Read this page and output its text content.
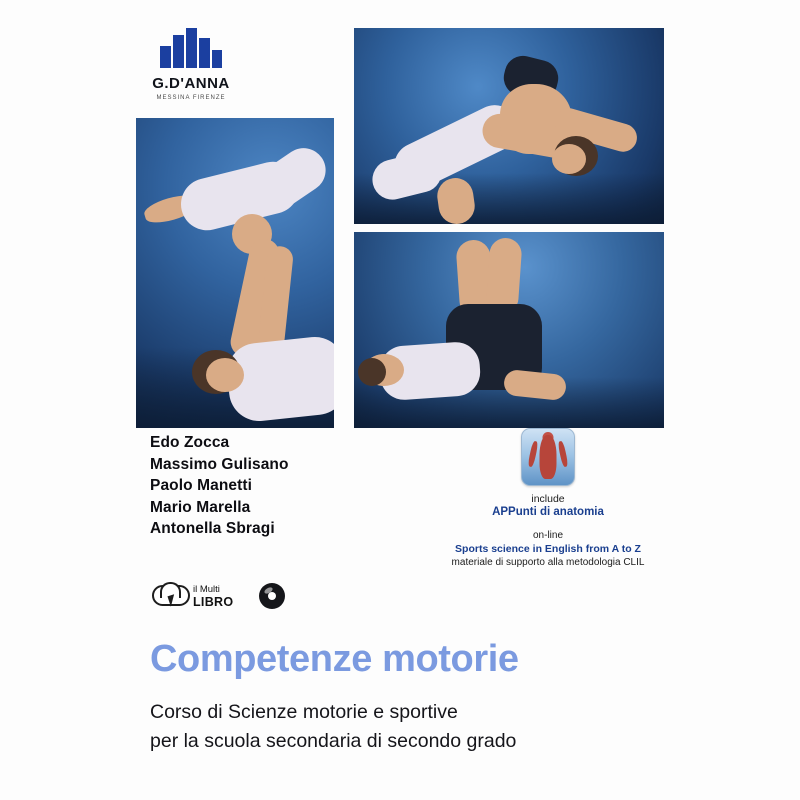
G.D'ANNA
MESSINA FIRENZE
Edo Zocca
Massimo Gulisano
Paolo Manetti
Mario Marella
Antonella Sbragi
include
APPunti di anatomia
on-line
Sports science in English from A to Z
materiale di supporto alla metodologia CLIL
il Multi
LIBRO
Competenze motorie
Corso di Scienze motorie e sportive
per la scuola secondaria di secondo grado
